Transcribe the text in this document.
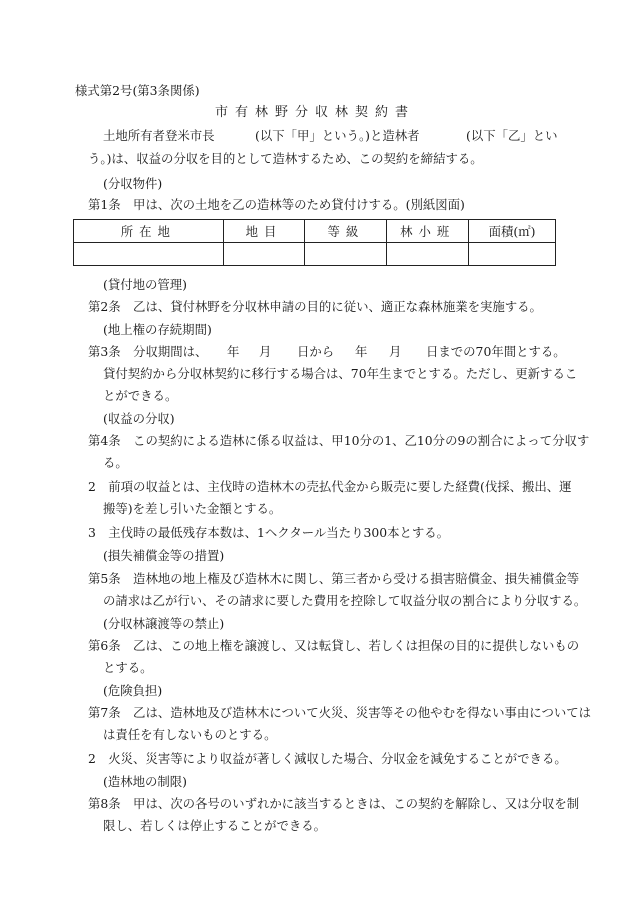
様式第2号(第3条関係)
市有林野分収林契約書
土地所有者登米市長	(以下「甲」という。)と造林者	(以下「乙」とい
う。)は、収益の分収を目的として造林するため、この契約を締結する。
(分収物件)
第1条　甲は、次の土地を乙の造林等のため貸付けする。(別紙図面)
所在地	地目	等級	林小班	面積(㎡)

(貸付地の管理)
第2条　乙は、貸付林野を分収林申請の目的に従い、適正な森林施業を実施する。
(地上権の存続期間)
第3条　分収期間は、 年 月 日から 年 月 日までの70年間とする。
貸付契約から分収林契約に移行する場合は、70年生までとする。ただし、更新するこ
とができる。
(収益の分収)
第4条　この契約による造林に係る収益は、甲10分の1、乙10分の9の割合によって分収す
る。
2　前項の収益とは、主伐時の造林木の売払代金から販売に要した経費(伐採、搬出、運
搬等)を差し引いた金額とする。
3　主伐時の最低残存本数は、1ヘクタール当たり300本とする。
(損失補償金等の措置)
第5条　造林地の地上権及び造林木に関し、第三者から受ける損害賠償金、損失補償金等
の請求は乙が行い、その請求に要した費用を控除して収益分収の割合により分収する。
(分収林譲渡等の禁止)
第6条　乙は、この地上権を譲渡し、又は転貸し、若しくは担保の目的に提供しないもの
とする。
(危険負担)
第7条　乙は、造林地及び造林木について火災、災害等その他やむを得ない事由については
は責任を有しないものとする。
2　火災、災害等により収益が著しく減収した場合、分収金を減免することができる。
(造林地の制限)
第8条　甲は、次の各号のいずれかに該当するときは、この契約を解除し、又は分収を制
限し、若しくは停止することができる。
